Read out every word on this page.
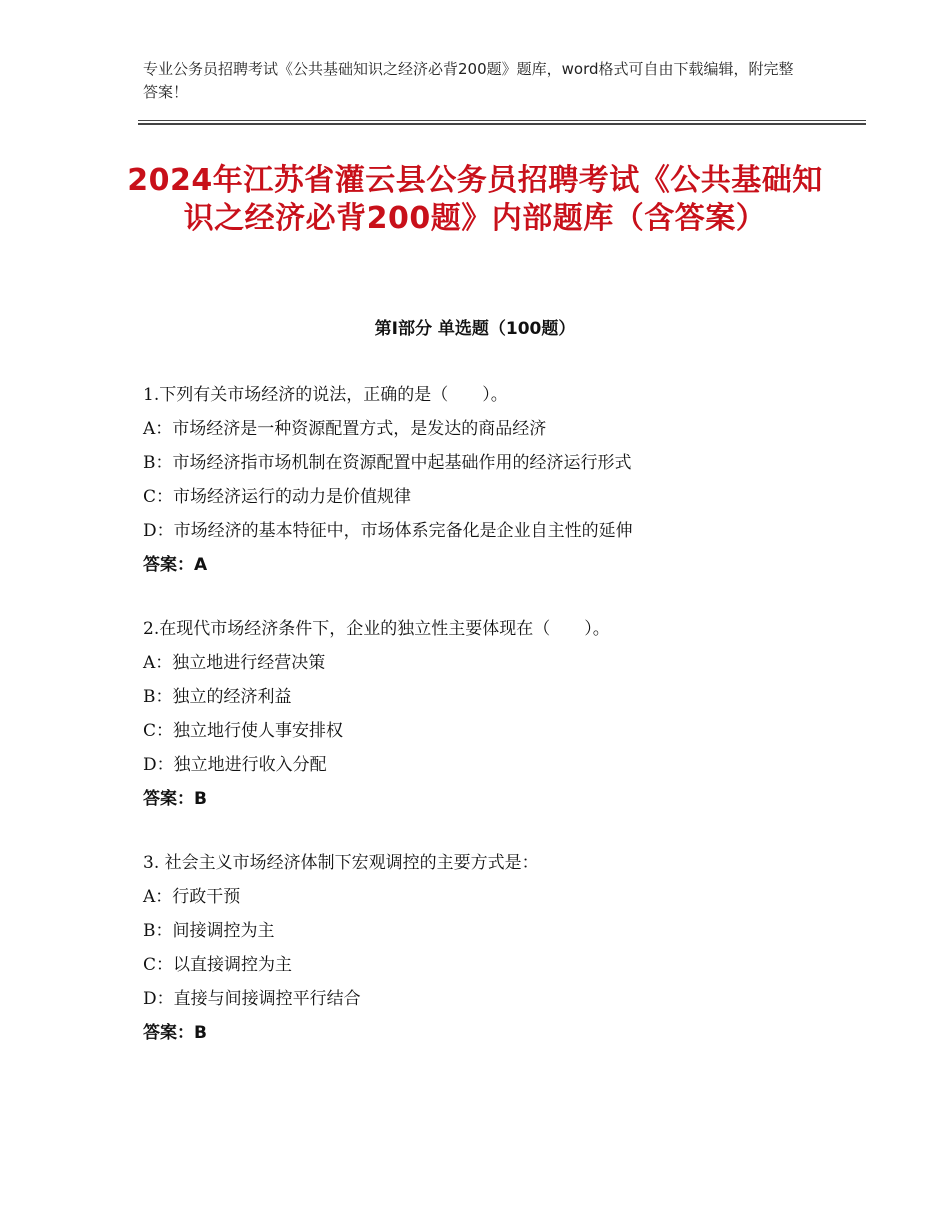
专业公务员招聘考试《公共基础知识之经济必背200题》题库，word格式可自由下载编辑，附完整答案！
2024年江苏省灌云县公务员招聘考试《公共基础知识之经济必背200题》内部题库（含答案）
第Ⅰ部分 单选题（100题）
1.下列有关市场经济的说法，正确的是（　　）。
A：市场经济是一种资源配置方式，是发达的商品经济
B：市场经济指市场机制在资源配置中起基础作用的经济运行形式
C：市场经济运行的动力是价值规律
D：市场经济的基本特征中，市场体系完备化是企业自主性的延伸
答案：A
2.在现代市场经济条件下，企业的独立性主要体现在（　　）。
A：独立地进行经营决策
B：独立的经济利益
C：独立地行使人事安排权
D：独立地进行收入分配
答案：B
3. 社会主义市场经济体制下宏观调控的主要方式是：
A：行政干预
B：间接调控为主
C：以直接调控为主
D：直接与间接调控平行结合
答案：B
